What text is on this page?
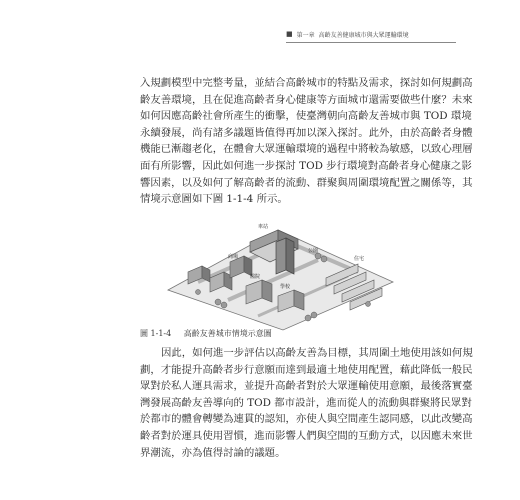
■ 第一章 高齡友善健康城市與大眾運輸環境
入規劃模型中完整考量，並結合高齡城市的特點及需求，探討如何規劃高
齡友善環境，且在促進高齡者身心健康等方面城市還需要做些什麼？未來
如何因應高齡社會所產生的衝擊，使臺灣朝向高齡友善城市與 TOD 環境
永續發展，尚有諸多議題皆值得再加以深入探討。此外，由於高齡者身體
機能已漸趨老化，在體會大眾運輸環境的過程中將較為敏感，以致心理層
面有所影響，因此如何進一步探討 TOD 步行環境對高齡者身心健康之影
響因素，以及如何了解高齡者的流動、群聚與周圍環境配置之關係等，其
情境示意圖如下圖 1-1-4 所示。
車站
公園
醫院
學校
商場	住宅
圖 1-1-4 高齡友善城市情境示意圖
因此，如何進一步評估以高齡友善為目標，其周圍土地使用該如何規
劃，才能提升高齡者步行意願而達到最適土地使用配置，藉此降低一般民
眾對於私人運具需求，並提升高齡者對於大眾運輸使用意願，最後落實臺
灣發展高齡友善導向的 TOD 都市設計，進而從人的流動與群聚將民眾對
於都市的體會轉變為連貫的認知，亦使人與空間產生認同感，以此改變高
齡者對於運具使用習慣，進而影響人們與空間的互動方式，以因應未來世
界潮流，亦為值得討論的議題。
